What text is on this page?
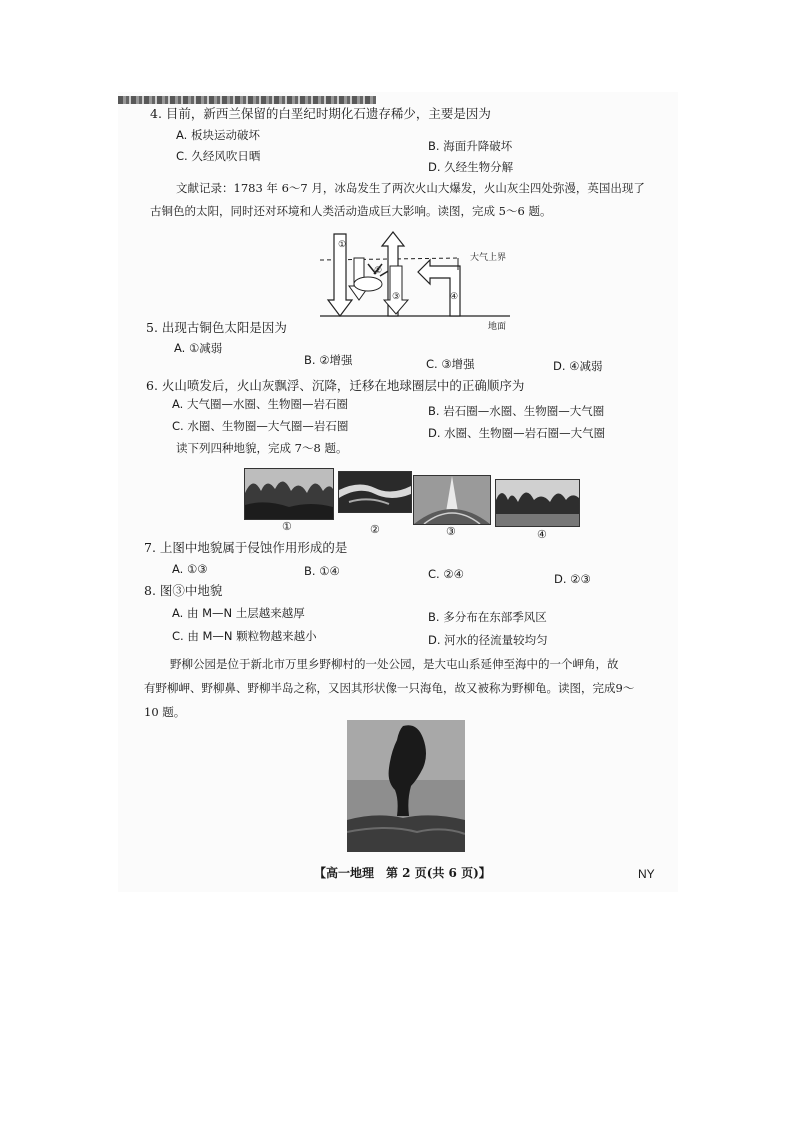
4. 目前，新西兰保留的白垩纪时期化石遗存稀少，主要是因为
A. 板块运动破坏
B. 海面升降破坏
C. 久经风吹日晒
D. 久经生物分解
文献记录：1783 年 6～7 月，冰岛发生了两次火山大爆发，火山灰尘四处弥漫，英国出现了
古铜色的太阳，同时还对环境和人类活动造成巨大影响。读图，完成 5～6 题。
①
②
③	④
大气上界
地面
5. 出现古铜色太阳是因为
A. ①减弱
B. ②增强	C. ③增强	D. ④减弱
6. 火山喷发后，火山灰飘浮、沉降，迁移在地球圈层中的正确顺序为
A. 大气圈—水圈、生物圈—岩石圈	B. 岩石圈—水圈、生物圈—大气圈
C. 水圈、生物圈—大气圈—岩石圈	D. 水圈、生物圈—岩石圈—大气圈
读下列四种地貌，完成 7～8 题。
①	②	③	④
7. 上图中地貌属于侵蚀作用形成的是
A. ①③	B. ①④	C. ②④	D. ②③
8. 图③中地貌
A. 由 M—N 土层越来越厚	B. 多分布在东部季风区
C. 由 M—N 颗粒物越来越小	D. 河水的径流量较均匀
野柳公园是位于新北市万里乡野柳村的一处公园，是大屯山系延伸至海中的一个岬角，故
有野柳岬、野柳鼻、野柳半岛之称，又因其形状像一只海龟，故又被称为野柳龟。读图，完成9～
10 题。
【高一地理　第 2 页(共 6 页)】	NY
